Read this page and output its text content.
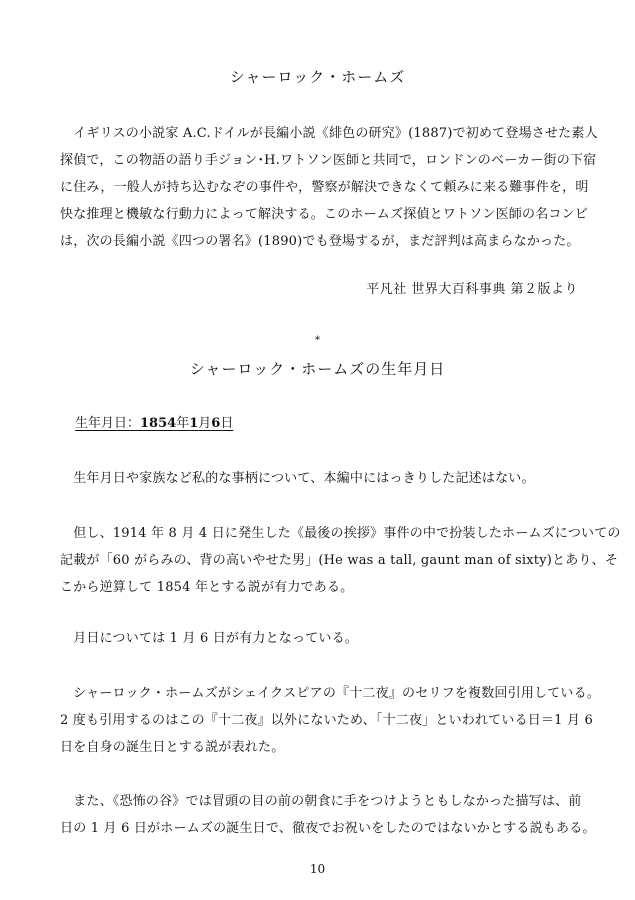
シャーロック・ホームズ
　イギリスの小説家 A.C.ドイルが長編小説《緋色の研究》(1887)で初めて登場させた素人
探偵で，この物語の語り手ジョン･H.ワトソン医師と共同で，ロンドンのベーカー街の下宿
に住み，一般人が持ち込むなぞの事件や，警察が解決できなくて頼みに来る難事件を，明
快な推理と機敏な行動力によって解決する。このホームズ探偵とワトソン医師の名コンビ
は，次の長編小説《四つの署名》(1890)でも登場するが，まだ評判は高まらなかった。
平凡社 世界大百科事典 第２版より
*
シャーロック・ホームズの生年月日
生年月日：1854年1月6日
　生年月日や家族など私的な事柄について、本編中にはっきりした記述はない。
　但し、1914 年 8 月 4 日に発生した《最後の挨拶》事件の中で扮装したホームズについての
記載が「60 がらみの、背の高いやせた男」(He was a tall, gaunt man of sixty)とあり、そ
こから逆算して 1854 年とする説が有力である。
　月日については 1 月 6 日が有力となっている。
　シャーロック・ホームズがシェイクスピアの『十二夜』のセリフを複数回引用している。
2 度も引用するのはこの『十二夜』以外にないため、「十二夜」といわれている日＝1 月 6
日を自身の誕生日とする説が表れた。
　また、《恐怖の谷》では冒頭の目の前の朝食に手をつけようともしなかった描写は、前
日の 1 月 6 日がホームズの誕生日で、徹夜でお祝いをしたのではないかとする説もある。
10
